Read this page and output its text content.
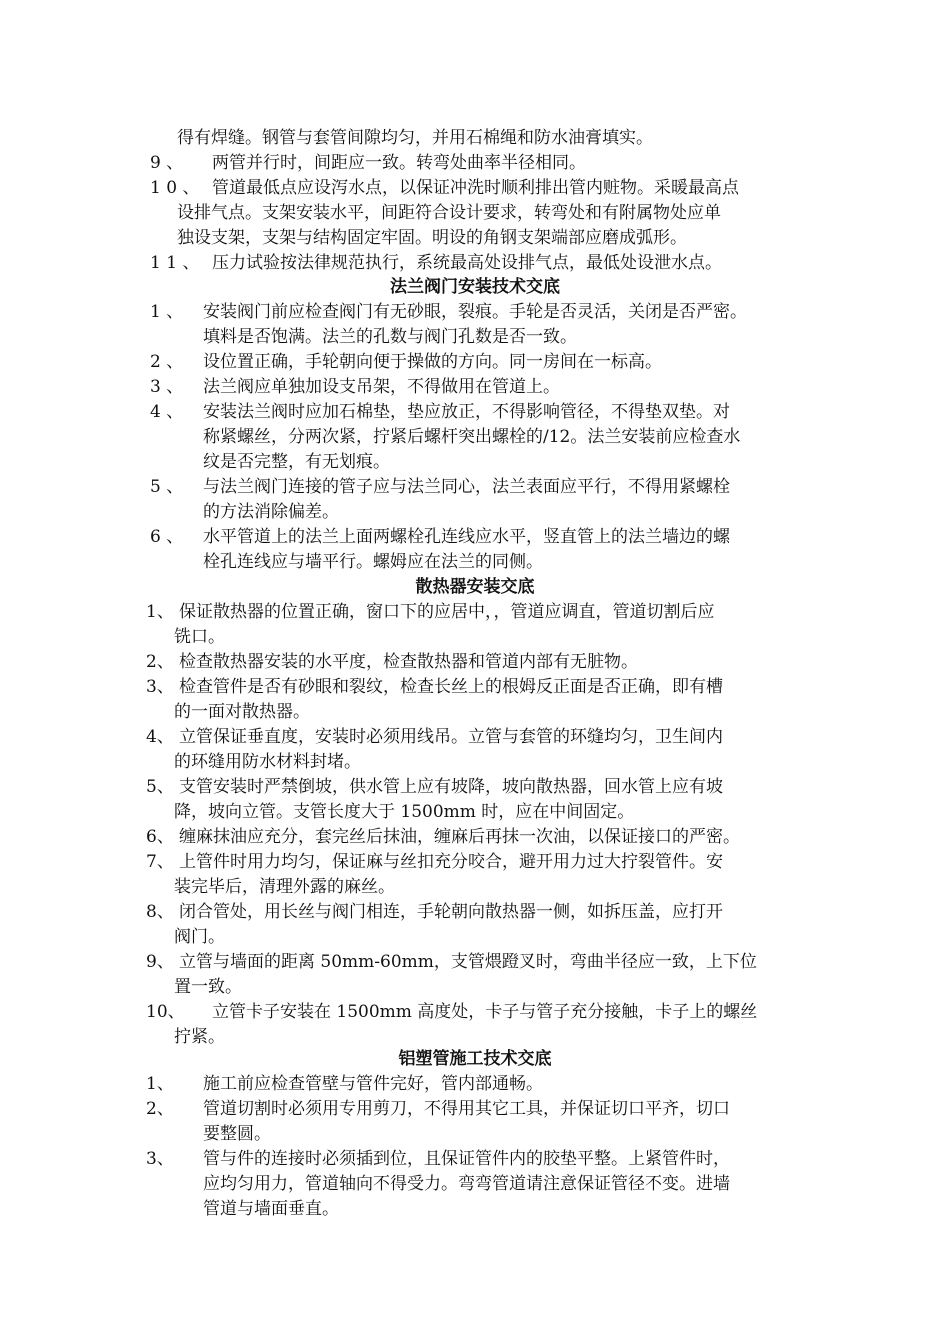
得有焊缝。钢管与套管间隙均匀，并用石棉绳和防水油膏填实。
9 、 两管并行时，间距应一致。转弯处曲率半径相同。
1 0 、 管道最低点应设泻水点，以保证冲洗时顺利排出管内赃物。采暖最高点
设排气点。支架安装水平，间距符合设计要求，转弯处和有附属物处应单
独设支架，支架与结构固定牢固。明设的角钢支架端部应磨成弧形。
1 1 、 压力试验按法律规范执行，系统最高处设排气点，最低处设泄水点。
法兰阀门安装技术交底
1 、 安装阀门前应检查阀门有无砂眼，裂痕。手轮是否灵活，关闭是否严密。
填料是否饱满。法兰的孔数与阀门孔数是否一致。
2 、 设位置正确，手轮朝向便于操做的方向。同一房间在一标高。
3 、 法兰阀应单独加设支吊架，不得做用在管道上。
4 、 安装法兰阀时应加石棉垫，垫应放正，不得影响管径，不得垫双垫。对
称紧螺丝，分两次紧，拧紧后螺杆突出螺栓的/12。法兰安装前应检查水
纹是否完整，有无划痕。
5 、 与法兰阀门连接的管子应与法兰同心，法兰表面应平行，不得用紧螺栓
的方法消除偏差。
6 、 水平管道上的法兰上面两螺栓孔连线应水平，竖直管上的法兰墙边的螺
栓孔连线应与墙平行。螺姆应在法兰的同侧。
散热器安装交底
1、 保证散热器的位置正确，窗口下的应居中，，管道应调直，管道切割后应
铣口。
2、 检查散热器安装的水平度，检查散热器和管道内部有无脏物。
3、 检查管件是否有砂眼和裂纹，检查长丝上的根姆反正面是否正确，即有槽
的一面对散热器。
4、 立管保证垂直度，安装时必须用线吊。立管与套管的环缝均匀，卫生间内
的环缝用防水材料封堵。
5、 支管安装时严禁倒坡，供水管上应有坡降，坡向散热器，回水管上应有坡
降，坡向立管。支管长度大于 1500mm 时，应在中间固定。
6、 缠麻抹油应充分，套完丝后抹油，缠麻后再抹一次油，以保证接口的严密。
7、 上管件时用力均匀，保证麻与丝扣充分咬合，避开用力过大拧裂管件。安
装完毕后，清理外露的麻丝。
8、 闭合管处，用长丝与阀门相连，手轮朝向散热器一侧，如拆压盖，应打开
阀门。
9、 立管与墙面的距离 50mm-60mm，支管煨蹬叉时，弯曲半径应一致，上下位
置一致。
10、 立管卡子安装在 1500mm 高度处，卡子与管子充分接触，卡子上的螺丝
拧紧。
铝塑管施工技术交底
1、 施工前应检查管壁与管件完好，管内部通畅。
2、 管道切割时必须用专用剪刀，不得用其它工具，并保证切口平齐，切口
要整圆。
3、 管与件的连接时必须插到位，且保证管件内的胶垫平整。上紧管件时，
应均匀用力，管道轴向不得受力。弯弯管道请注意保证管径不变。进墙
管道与墙面垂直。
